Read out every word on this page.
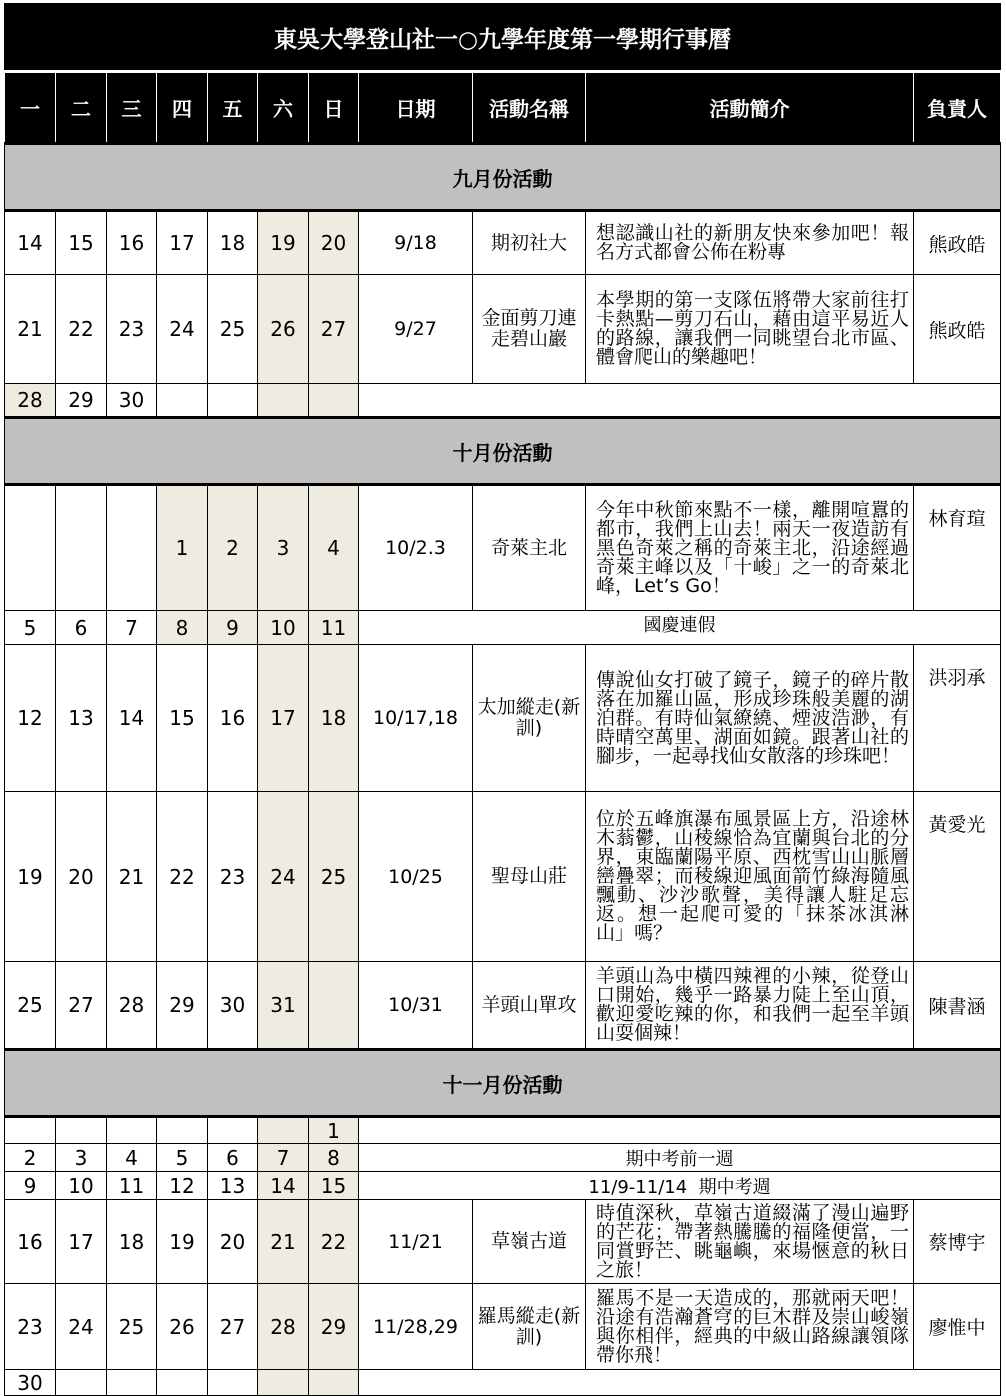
東吳大學登山社一○九學年度第一學期行事曆										
一	二	三	四	五	六	日	日期	活動名稱	活動簡介	負責人
九月份活動										
14	15	16	17	18	19	20	9/18	期初社大	想認識山社的新朋友快來參加吧！報名方式都會公佈在粉專	熊政皓
21	22	23	24	25	26	27	9/27	金面剪刀連走碧山巖	本學期的第一支隊伍將帶大家前往打卡熱點—剪刀石山，藉由這平易近人的路線，讓我們一同眺望台北市區、體會爬山的樂趣吧！	熊政皓
28	29	30								
十月份活動										
			1	2	3	4	10/2.3	奇萊主北	今年中秋節來點不一樣，離開喧囂的都市，我們上山去！兩天一夜造訪有黑色奇萊之稱的奇萊主北，沿途經過奇萊主峰以及「十峻」之一的奇萊北峰，Let’s Go！	林育瑄
5	6	7	8	9	10	11	國慶連假			
12	13	14	15	16	17	18	10/17,18	太加縱走(新訓)	傳說仙女打破了鏡子，鏡子的碎片散落在加羅山區，形成珍珠般美麗的湖泊群。有時仙氣繚繞、煙波浩渺，有時晴空萬里、湖面如鏡。跟著山社的腳步，一起尋找仙女散落的珍珠吧！	洪羽承
19	20	21	22	23	24	25	10/25	聖母山莊	位於五峰旗瀑布風景區上方，沿途林木蓊鬱，山稜線恰為宜蘭與台北的分界，東臨蘭陽平原、西枕雪山山脈層巒疊翠；而稜線迎風面箭竹綠海隨風飄動、沙沙歌聲，美得讓人駐足忘返。想一起爬可愛的「抹茶冰淇淋山」嗎？	黃愛光
25	27	28	29	30	31		10/31	羊頭山單攻	羊頭山為中橫四辣裡的小辣，從登山口開始，幾乎一路暴力陡上至山頂，歡迎愛吃辣的你，和我們一起至羊頭山耍個辣！	陳書涵
十一月份活動										
						1				
2	3	4	5	6	7	8	期中考前一週			
9	10	11	12	13	14	15	11/9-11/14  期中考週			
16	17	18	19	20	21	22	11/21	草嶺古道	時值深秋，草嶺古道綴滿了漫山遍野的芒花；帶著熱騰騰的福隆便當，一同賞野芒、眺龜嶼，來場愜意的秋日之旅！	蔡博宇
23	24	25	26	27	28	29	11/28,29	羅馬縱走(新訓)	羅馬不是一天造成的，那就兩天吧！沿途有浩瀚蒼穹的巨木群及崇山峻嶺與你相伴，經典的中級山路線讓領隊帶你飛！	廖惟中
30										
